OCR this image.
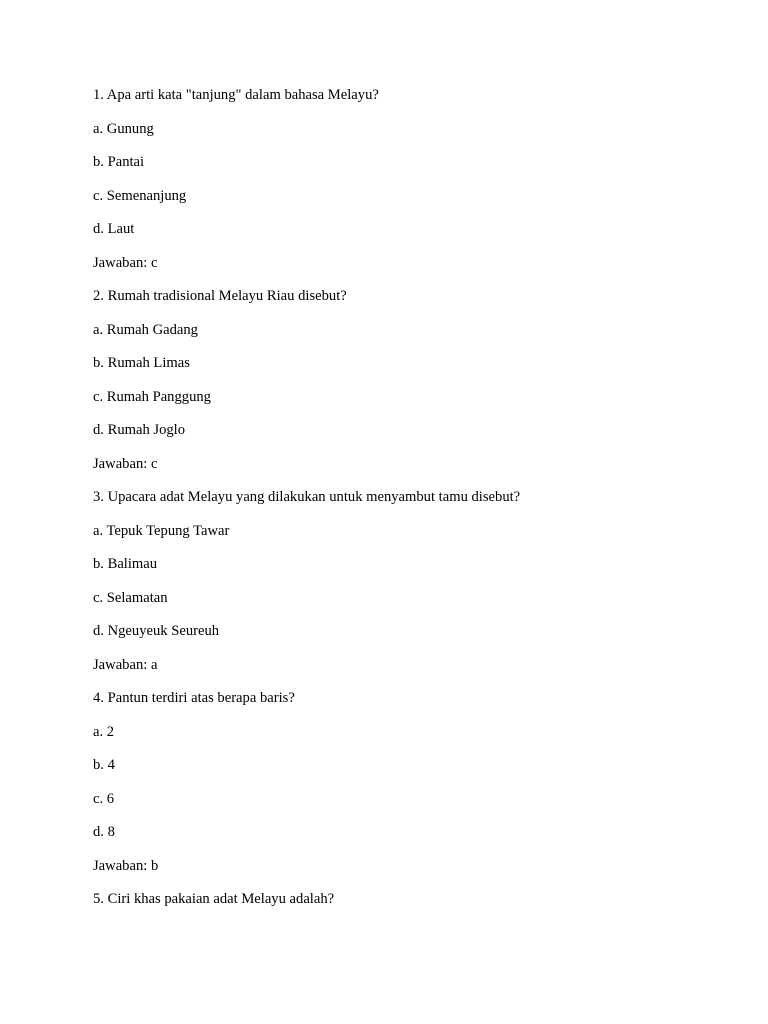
1. Apa arti kata "tanjung" dalam bahasa Melayu?
a. Gunung
b. Pantai
c. Semenanjung
d. Laut
Jawaban: c
2. Rumah tradisional Melayu Riau disebut?
a. Rumah Gadang
b. Rumah Limas
c. Rumah Panggung
d. Rumah Joglo
Jawaban: c
3. Upacara adat Melayu yang dilakukan untuk menyambut tamu disebut?
a. Tepuk Tepung Tawar
b. Balimau
c. Selamatan
d. Ngeuyeuk Seureuh
Jawaban: a
4. Pantun terdiri atas berapa baris?
a. 2
b. 4
c. 6
d. 8
Jawaban: b
5. Ciri khas pakaian adat Melayu adalah?
